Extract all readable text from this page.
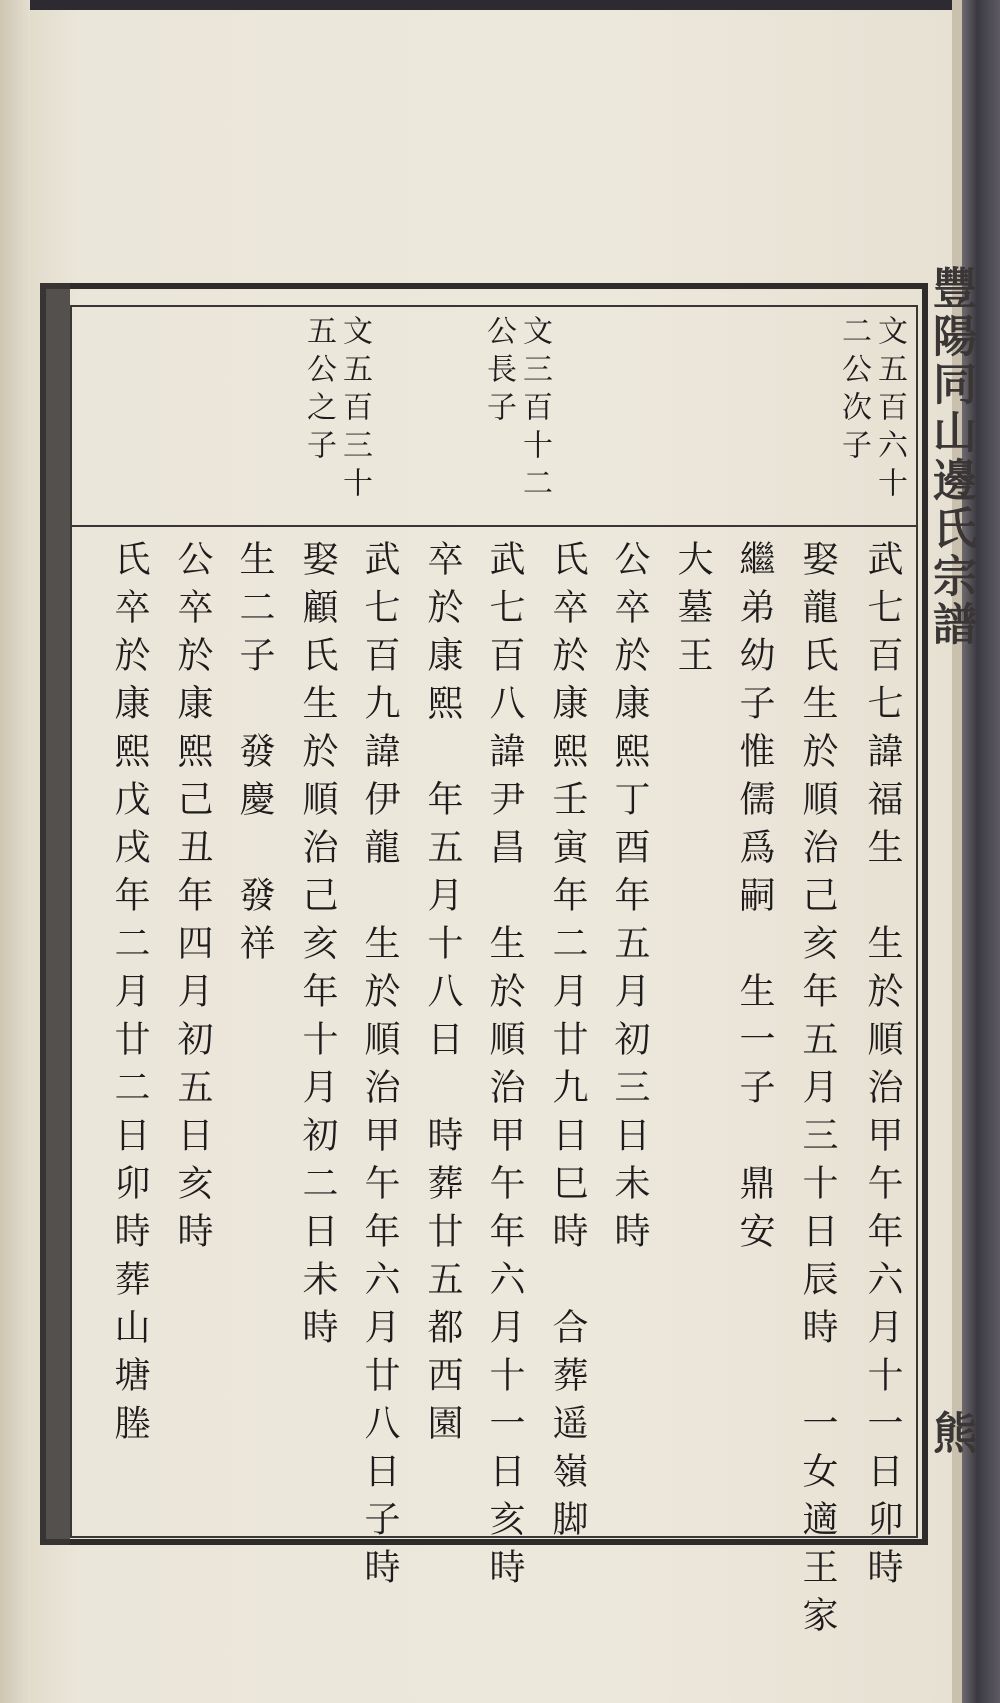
豐陽同山邊氏宗譜
熊
文五百六十二公次子
文三百十二公長子
文五百三十五公之子
武七百七諱福生　生於順治甲午年六月十一日卯時
娶龍氏生於順治己亥年五月三十日辰時　一女適王家
繼弟幼子惟儒爲嗣　生一子　鼎安
大墓王
公卒於康熙丁酉年五月初三日未時
氏卒於康熙壬寅年二月廿九日巳時　合葬遥嶺脚
武七百八諱尹昌　生於順治甲午年六月十一日亥時
卒於康熙　年五月十八日　時葬廿五都西園
武七百九諱伊龍　生於順治甲午年六月廿八日子時
娶顧氏生於順治己亥年十月初二日未時
生二子　發慶　發祥
公卒於康熙己丑年四月初五日亥時
氏卒於康熙戊戌年二月廿二日卯時葬山塘塍
